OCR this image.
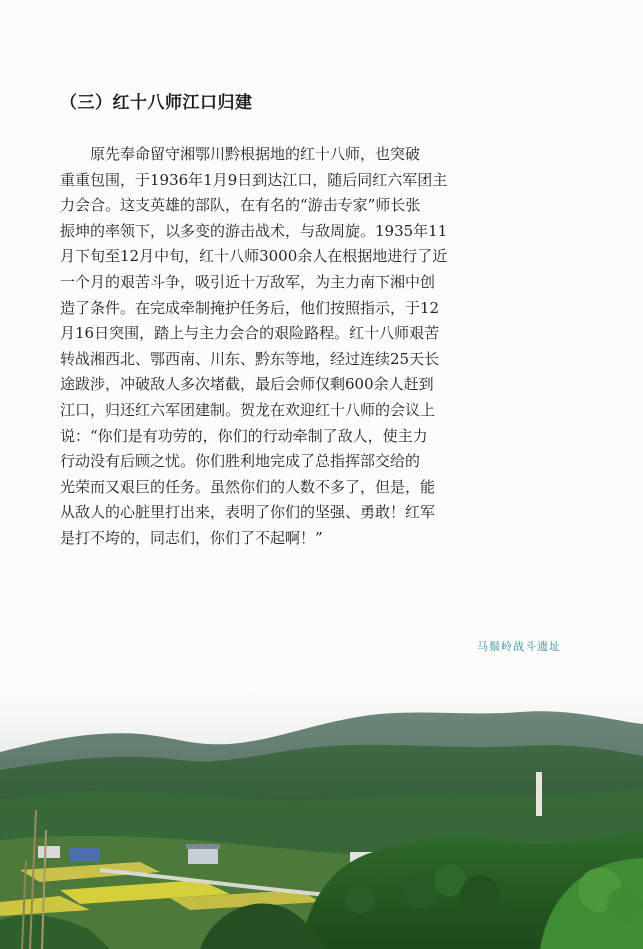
（三）红十八师江口归建
原先奉命留守湘鄂川黔根据地的红十八师，也突破
重重包围，于1936年1月9日到达江口，随后同红六军团主
力会合。这支英雄的部队，在有名的“游击专家”师长张
振坤的率领下，以多变的游击战术，与敌周旋。1935年11
月下旬至12月中旬，红十八师3000余人在根据地进行了近
一个月的艰苦斗争，吸引近十万敌军，为主力南下湘中创
造了条件。在完成牵制掩护任务后，他们按照指示，于12
月16日突围，踏上与主力会合的艰险路程。红十八师艰苦
转战湘西北、鄂西南、川东、黔东等地，经过连续25天长
途跋涉，冲破敌人多次堵截，最后会师仅剩600余人赶到
江口，归还红六军团建制。贺龙在欢迎红十八师的会议上
说：“你们是有功劳的，你们的行动牵制了敌人，使主力
行动没有后顾之忧。你们胜利地完成了总指挥部交给的
光荣而又艰巨的任务。虽然你们的人数不多了，但是，能
从敌人的心脏里打出来，表明了你们的坚强、勇敢！红军
是打不垮的，同志们，你们了不起啊！”
马鬃岭战斗遗址
